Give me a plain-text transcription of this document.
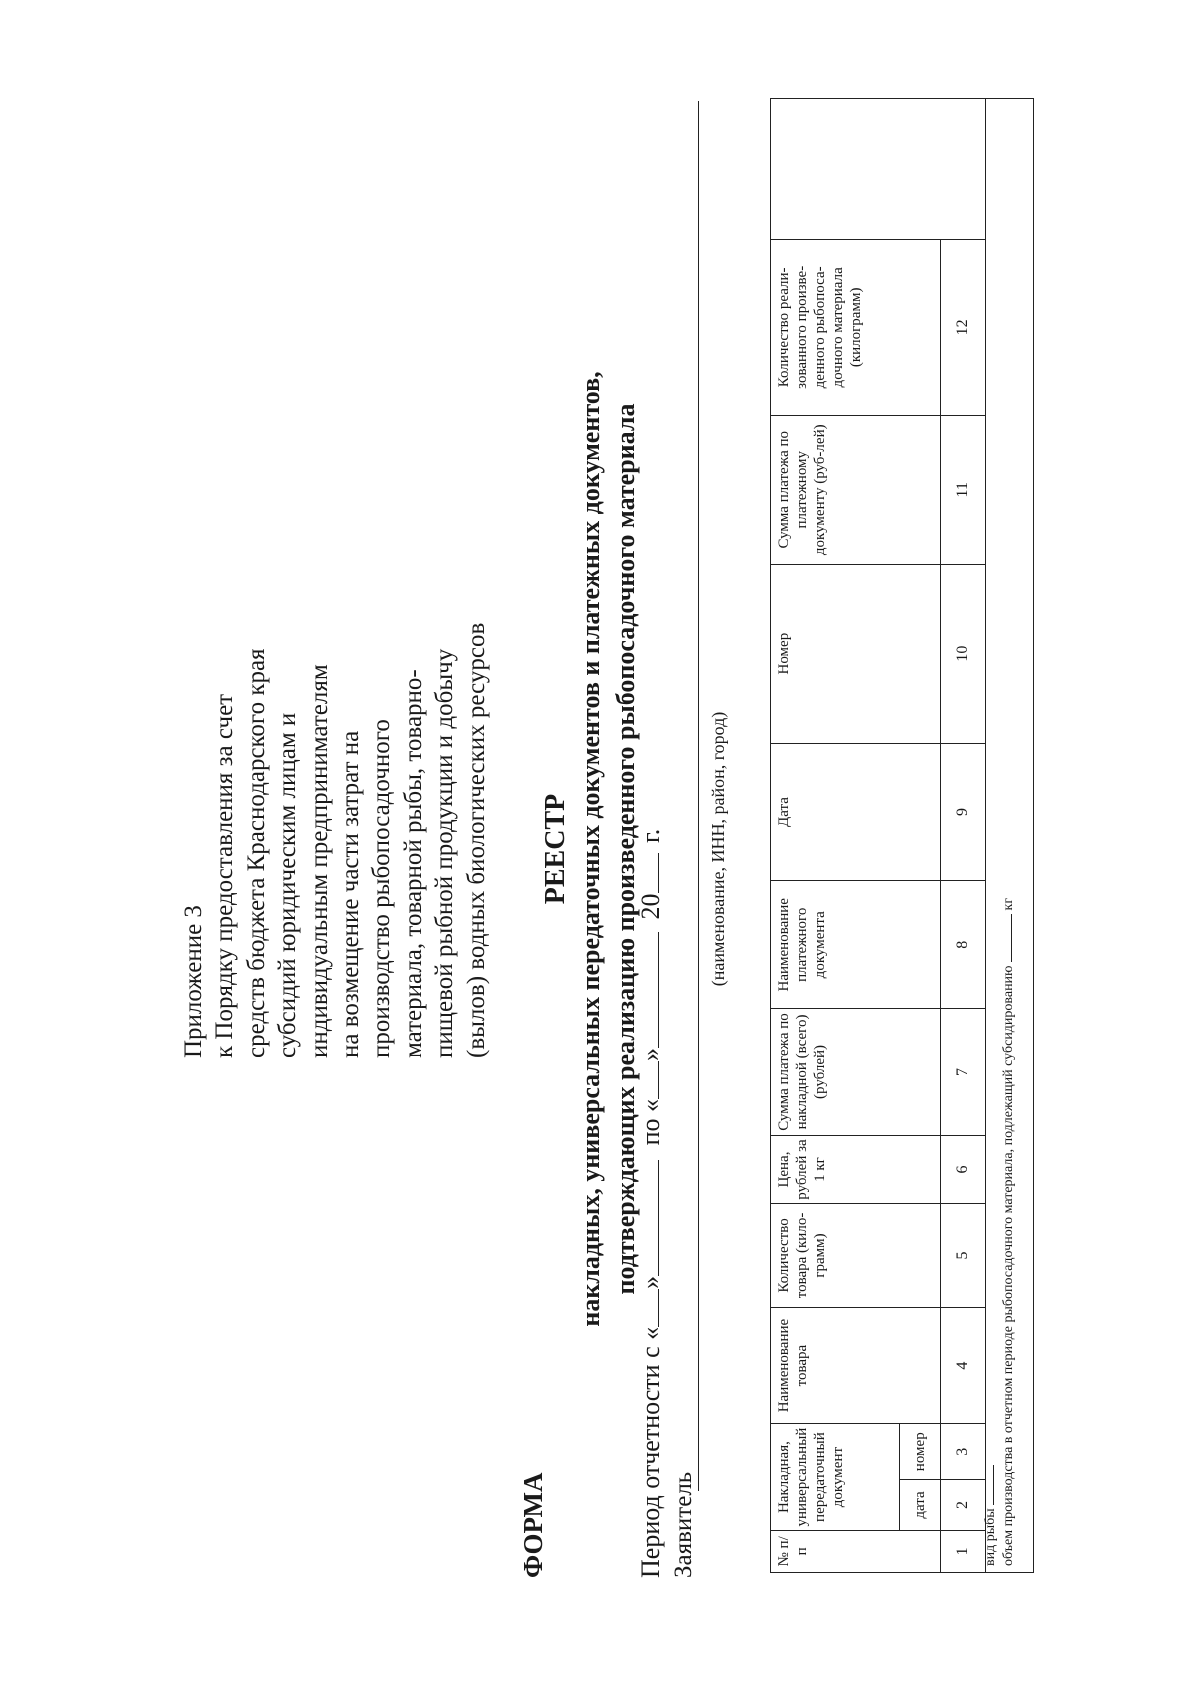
Приложение 3 к Порядку предоставления за счет средств бюджета Краснодарского края субсидий юридическим лицам и индивидуальным предпринимателям на возмещение части затрат на производство рыбопосадочного материала, товарной рыбы, товарно- пищевой рыбной продукции и добычу (вылов) водных биологических ресурсов
ФОРМА
РЕЕСТР накладных, универсальных передаточных документов и платежных документов, подтверждающих реализацию произведенного рыбопосадочного материала
Период отчетности с «» по «» 20 г.
Заявитель
(наименование, ИНН, район, город)
№ п/п	Накладная, универсальный передаточный документ		Наименование товара	Количество товара (кило-грамм)	Цена, рублей за 1 кг	Сумма платежа по накладной (всего) (рублей)	Наименование платежного документа	Дата	Номер	Сумма платежа по платежному документу (руб-лей)	Количество реали-зованного произве-денного рыбопоса-дочного материала (килограмм)	
	дата	номер										
1	2	3	4	5	6	7	8	9	10	11	12	
вид рыбы объем производства в отчетном периоде рыбопосадочного материала, подлежащий субсидированию  кг
